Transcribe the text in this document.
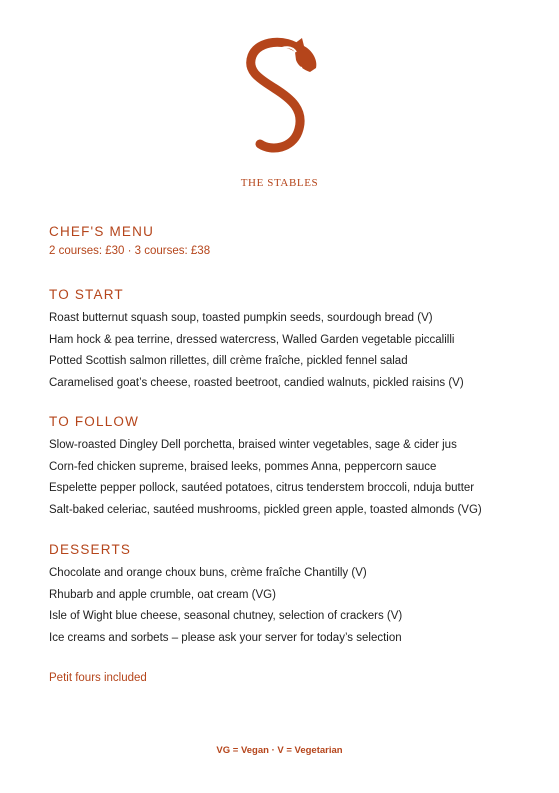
THE STABLES
CHEF'S MENU
2 courses: £30 · 3 courses: £38
TO START
Roast butternut squash soup, toasted pumpkin seeds, sourdough bread (V)
Ham hock & pea terrine, dressed watercress, Walled Garden vegetable piccalilli
Potted Scottish salmon rillettes, dill crème fraîche, pickled fennel salad
Caramelised goat’s cheese, roasted beetroot, candied walnuts, pickled raisins (V)
TO FOLLOW
Slow-roasted Dingley Dell porchetta, braised winter vegetables, sage & cider jus
Corn-fed chicken supreme, braised leeks, pommes Anna, peppercorn sauce
Espelette pepper pollock, sautéed potatoes, citrus tenderstem broccoli, nduja butter
Salt-baked celeriac, sautéed mushrooms, pickled green apple, toasted almonds (VG)
DESSERTS
Chocolate and orange choux buns, crème fraîche Chantilly (V)
Rhubarb and apple crumble, oat cream (VG)
Isle of Wight blue cheese, seasonal chutney, selection of crackers (V)
Ice creams and sorbets – please ask your server for today’s selection
Petit fours included
VG = Vegan · V = Vegetarian
